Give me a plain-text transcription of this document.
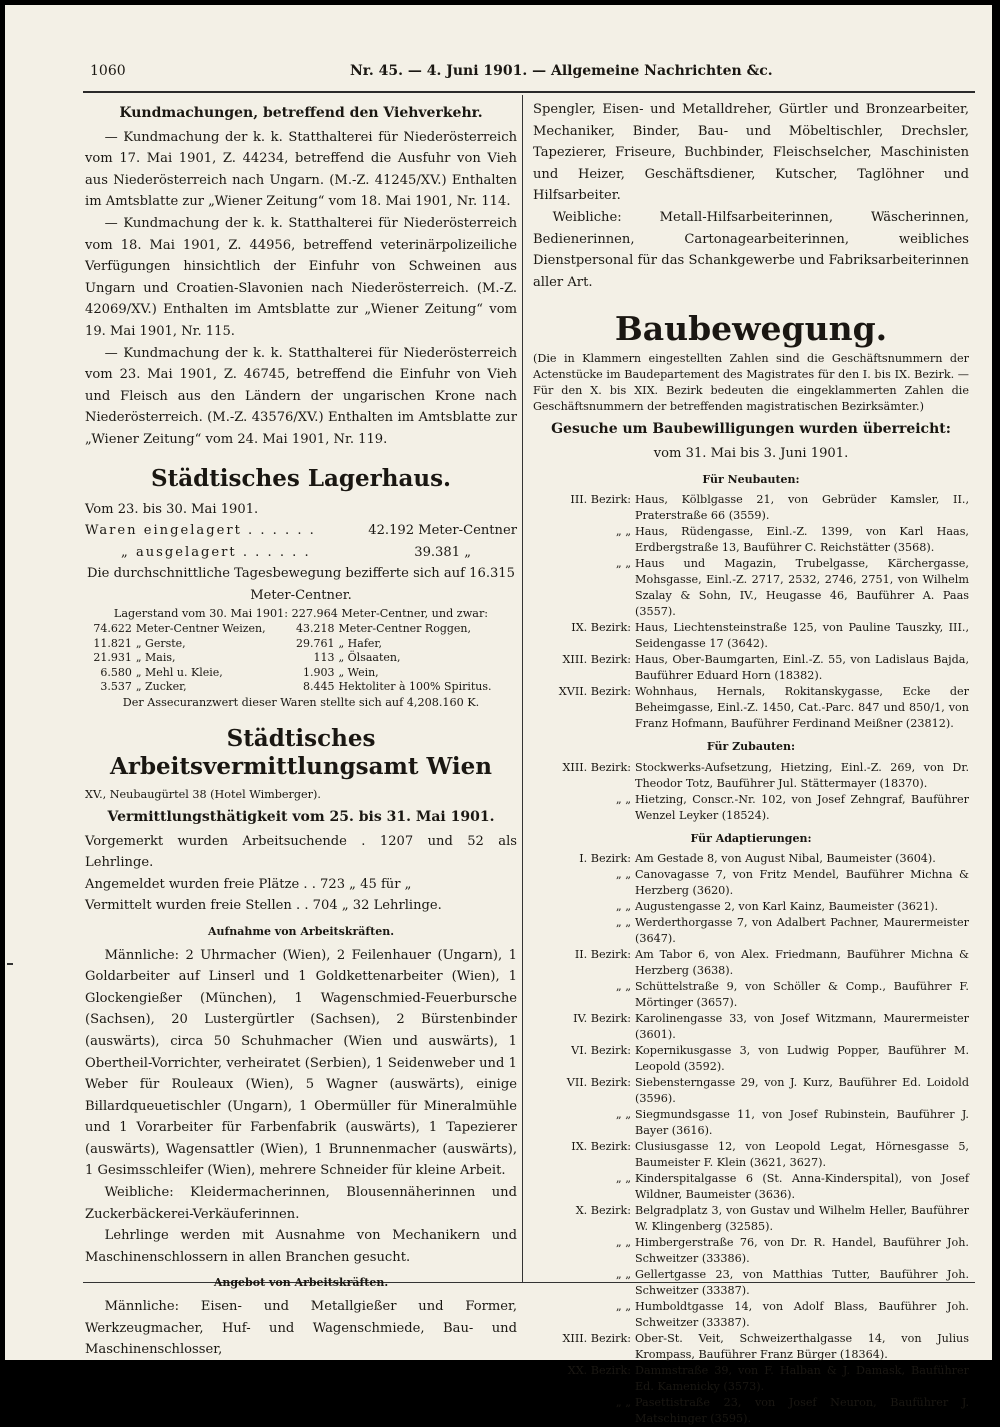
1060	Nr. 45. — 4. Juni 1901. — Allgemeine Nachrichten &c.
Kundmachungen, betreffend den Viehverkehr.

— Kundmachung der k. k. Statthalterei für Niederösterreich vom 17. Mai 1901, Z. 44234, betreffend die Ausfuhr von Vieh aus Niederösterreich nach Ungarn. (M.-Z. 41245/XV.) Enthalten im Amtsblatte zur „Wiener Zeitung“ vom 18. Mai 1901, Nr. 114.

— Kundmachung der k. k. Statthalterei für Niederösterreich vom 18. Mai 1901, Z. 44956, betreffend veterinärpolizeiliche Verfügungen hinsichtlich der Einfuhr von Schweinen aus Ungarn und Croatien-Slavonien nach Niederösterreich. (M.-Z. 42069/XV.) Enthalten im Amtsblatte zur „Wiener Zeitung“ vom 19. Mai 1901, Nr. 115.

— Kundmachung der k. k. Statthalterei für Niederösterreich vom 23. Mai 1901, Z. 46745, betreffend die Einfuhr von Vieh und Fleisch aus den Ländern der ungarischen Krone nach Niederösterreich. (M.-Z. 43576/XV.) Enthalten im Amtsblatte zur „Wiener Zeitung“ vom 24. Mai 1901, Nr. 119.

Städtisches Lagerhaus.

Vom 23. bis 30. Mai 1901.

Waren eingelagert . . . . . .	42.192 Meter-Centner
„ ausgelagert . . . . . .	39.381 „

Die durchschnittliche Tagesbewegung bezifferte sich auf 16.315 Meter-Centner.

Lagerstand vom 30. Mai 1901: 227.964 Meter-Centner, und zwar:

74.622	Meter-Centner Weizen,	43.218	Meter-Centner Roggen,
11.821	„ Gerste,	29.761	„ Hafer,
21.931	„ Mais,	113	„ Ölsaaten,
6.580	„ Mehl u. Kleie,	1.903	„ Wein,
3.537	„ Zucker,	8.445	Hektoliter à 100% Spiritus.

Der Assecuranzwert dieser Waren stellte sich auf 4,208.160 K.

Städtisches Arbeitsvermittlungsamt Wien

XV., Neubaugürtel 38 (Hotel Wimberger).

Vermittlungsthätigkeit vom 25. bis 31. Mai 1901.

Vorgemerkt wurden Arbeitsuchende . 1207 und 52 als Lehrlinge.

Angemeldet wurden freie Plätze . . 723 „ 45 für „

Vermittelt wurden freie Stellen . . 704 „ 32 Lehrlinge.

Aufnahme von Arbeitskräften.

Männliche: 2 Uhrmacher (Wien), 2 Feilenhauer (Ungarn), 1 Goldarbeiter auf Linserl und 1 Goldkettenarbeiter (Wien), 1 Glockengießer (München), 1 Wagenschmied-Feuerbursche (Sachsen), 20 Lustergürtler (Sachsen), 2 Bürstenbinder (auswärts), circa 50 Schuhmacher (Wien und auswärts), 1 Obertheil-Vorrichter, verheiratet (Serbien), 1 Seidenweber und 1 Weber für Rouleaux (Wien), 5 Wagner (auswärts), einige Billardqueuetischler (Ungarn), 1 Obermüller für Mineralmühle und 1 Vorarbeiter für Farbenfabrik (auswärts), 1 Tapezierer (auswärts), Wagensattler (Wien), 1 Brunnenmacher (auswärts), 1 Gesimsschleifer (Wien), mehrere Schneider für kleine Arbeit.

Weibliche: Kleidermacherinnen, Blousennäherinnen und Zuckerbäckerei-Verkäuferinnen.

Lehrlinge werden mit Ausnahme von Mechanikern und Maschinenschlossern in allen Branchen gesucht.

Angebot von Arbeitskräften.

Männliche: Eisen- und Metallgießer und Former, Werkzeugmacher, Huf- und Wagenschmiede, Bau- und Maschinenschlosser,

Spengler, Eisen- und Metalldreher, Gürtler und Bronzearbeiter, Mechaniker, Binder, Bau- und Möbeltischler, Drechsler, Tapezierer, Friseure, Buchbinder, Fleischselcher, Maschinisten und Heizer, Geschäftsdiener, Kutscher, Taglöhner und Hilfsarbeiter.

Weibliche: Metall-Hilfsarbeiterinnen, Wäscherinnen, Bedienerinnen, Cartonagearbeiterinnen, weibliches Dienstpersonal für das Schankgewerbe und Fabriksarbeiterinnen aller Art.

Baubewegung.

(Die in Klammern eingestellten Zahlen sind die Geschäftsnummern der Actenstücke im Baudepartement des Magistrates für den I. bis IX. Bezirk. — Für den X. bis XIX. Bezirk bedeuten die eingeklammerten Zahlen die Geschäftsnummern der betreffenden magistratischen Bezirksämter.)

Gesuche um Baubewilligungen wurden überreicht:

vom 31. Mai bis 3. Juni 1901.

Für Neubauten:
III. Bezirk: Haus, Kölblgasse 21, von Gebrüder Kamsler, II., Praterstraße 66 (3559).
„ „ Haus, Rüdengasse, Einl.-Z. 1399, von Karl Haas, Erdbergstraße 13, Bauführer C. Reichstätter (3568).
„ „ Haus und Magazin, Trubelgasse, Kärchergasse, Mohsgasse, Einl.-Z. 2717, 2532, 2746, 2751, von Wilhelm Szalay & Sohn, IV., Heugasse 46, Bauführer A. Paas (3557).
IX. Bezirk: Haus, Liechtensteinstraße 125, von Pauline Tauszky, III., Seidengasse 17 (3642).
XIII. Bezirk: Haus, Ober-Baumgarten, Einl.-Z. 55, von Ladislaus Bajda, Bauführer Eduard Horn (18382).
XVII. Bezirk: Wohnhaus, Hernals, Rokitanskygasse, Ecke der Beheimgasse, Einl.-Z. 1450, Cat.-Parc. 847 und 850/1, von Franz Hofmann, Bauführer Ferdinand Meißner (23812).
Für Zubauten:
XIII. Bezirk: Stockwerks-Aufsetzung, Hietzing, Einl.-Z. 269, von Dr. Theodor Totz, Bauführer Jul. Stättermayer (18370).
„ „ Hietzing, Conscr.-Nr. 102, von Josef Zehngraf, Bauführer Wenzel Leyker (18524).
Für Adaptierungen:
I. Bezirk: Am Gestade 8, von August Nibal, Baumeister (3604).
„ „ Canovagasse 7, von Fritz Mendel, Bauführer Michna & Herzberg (3620).
„ „ Augustengasse 2, von Karl Kainz, Baumeister (3621).
„ „ Werderthorgasse 7, von Adalbert Pachner, Maurermeister (3647).
II. Bezirk: Am Tabor 6, von Alex. Friedmann, Bauführer Michna & Herzberg (3638).
„ „ Schüttelstraße 9, von Schöller & Comp., Bauführer F. Mörtinger (3657).
IV. Bezirk: Karolinengasse 33, von Josef Witzmann, Maurermeister (3601).
VI. Bezirk: Kopernikusgasse 3, von Ludwig Popper, Bauführer M. Leopold (3592).
VII. Bezirk: Siebensterngasse 29, von J. Kurz, Bauführer Ed. Loidold (3596).
„ „ Siegmundsgasse 11, von Josef Rubinstein, Bauführer J. Bayer (3616).
IX. Bezirk: Clusiusgasse 12, von Leopold Legat, Hörnesgasse 5, Baumeister F. Klein (3621, 3627).
„ „ Kinderspitalgasse 6 (St. Anna-Kinderspital), von Josef Wildner, Baumeister (3636).
X. Bezirk: Belgradplatz 3, von Gustav und Wilhelm Heller, Bauführer W. Klingenberg (32585).
„ „ Himbergerstraße 76, von Dr. R. Handel, Bauführer Joh. Schweitzer (33386).
„ „ Gellertgasse 23, von Matthias Tutter, Bauführer Joh. Schweitzer (33387).
„ „ Humboldtgasse 14, von Adolf Blass, Bauführer Joh. Schweitzer (33387).
XIII. Bezirk: Ober-St. Veit, Schweizerthalgasse 14, von Julius Krompass, Bauführer Franz Bürger (18364).
XX. Bezirk: Dammstraße 39, von F. Halban & J. Damask, Bauführer Ed. Kamenicky (3573).
„ „ Pasettistraße 23, von Josef Neuron, Bauführer J. Matschinger (3595).
